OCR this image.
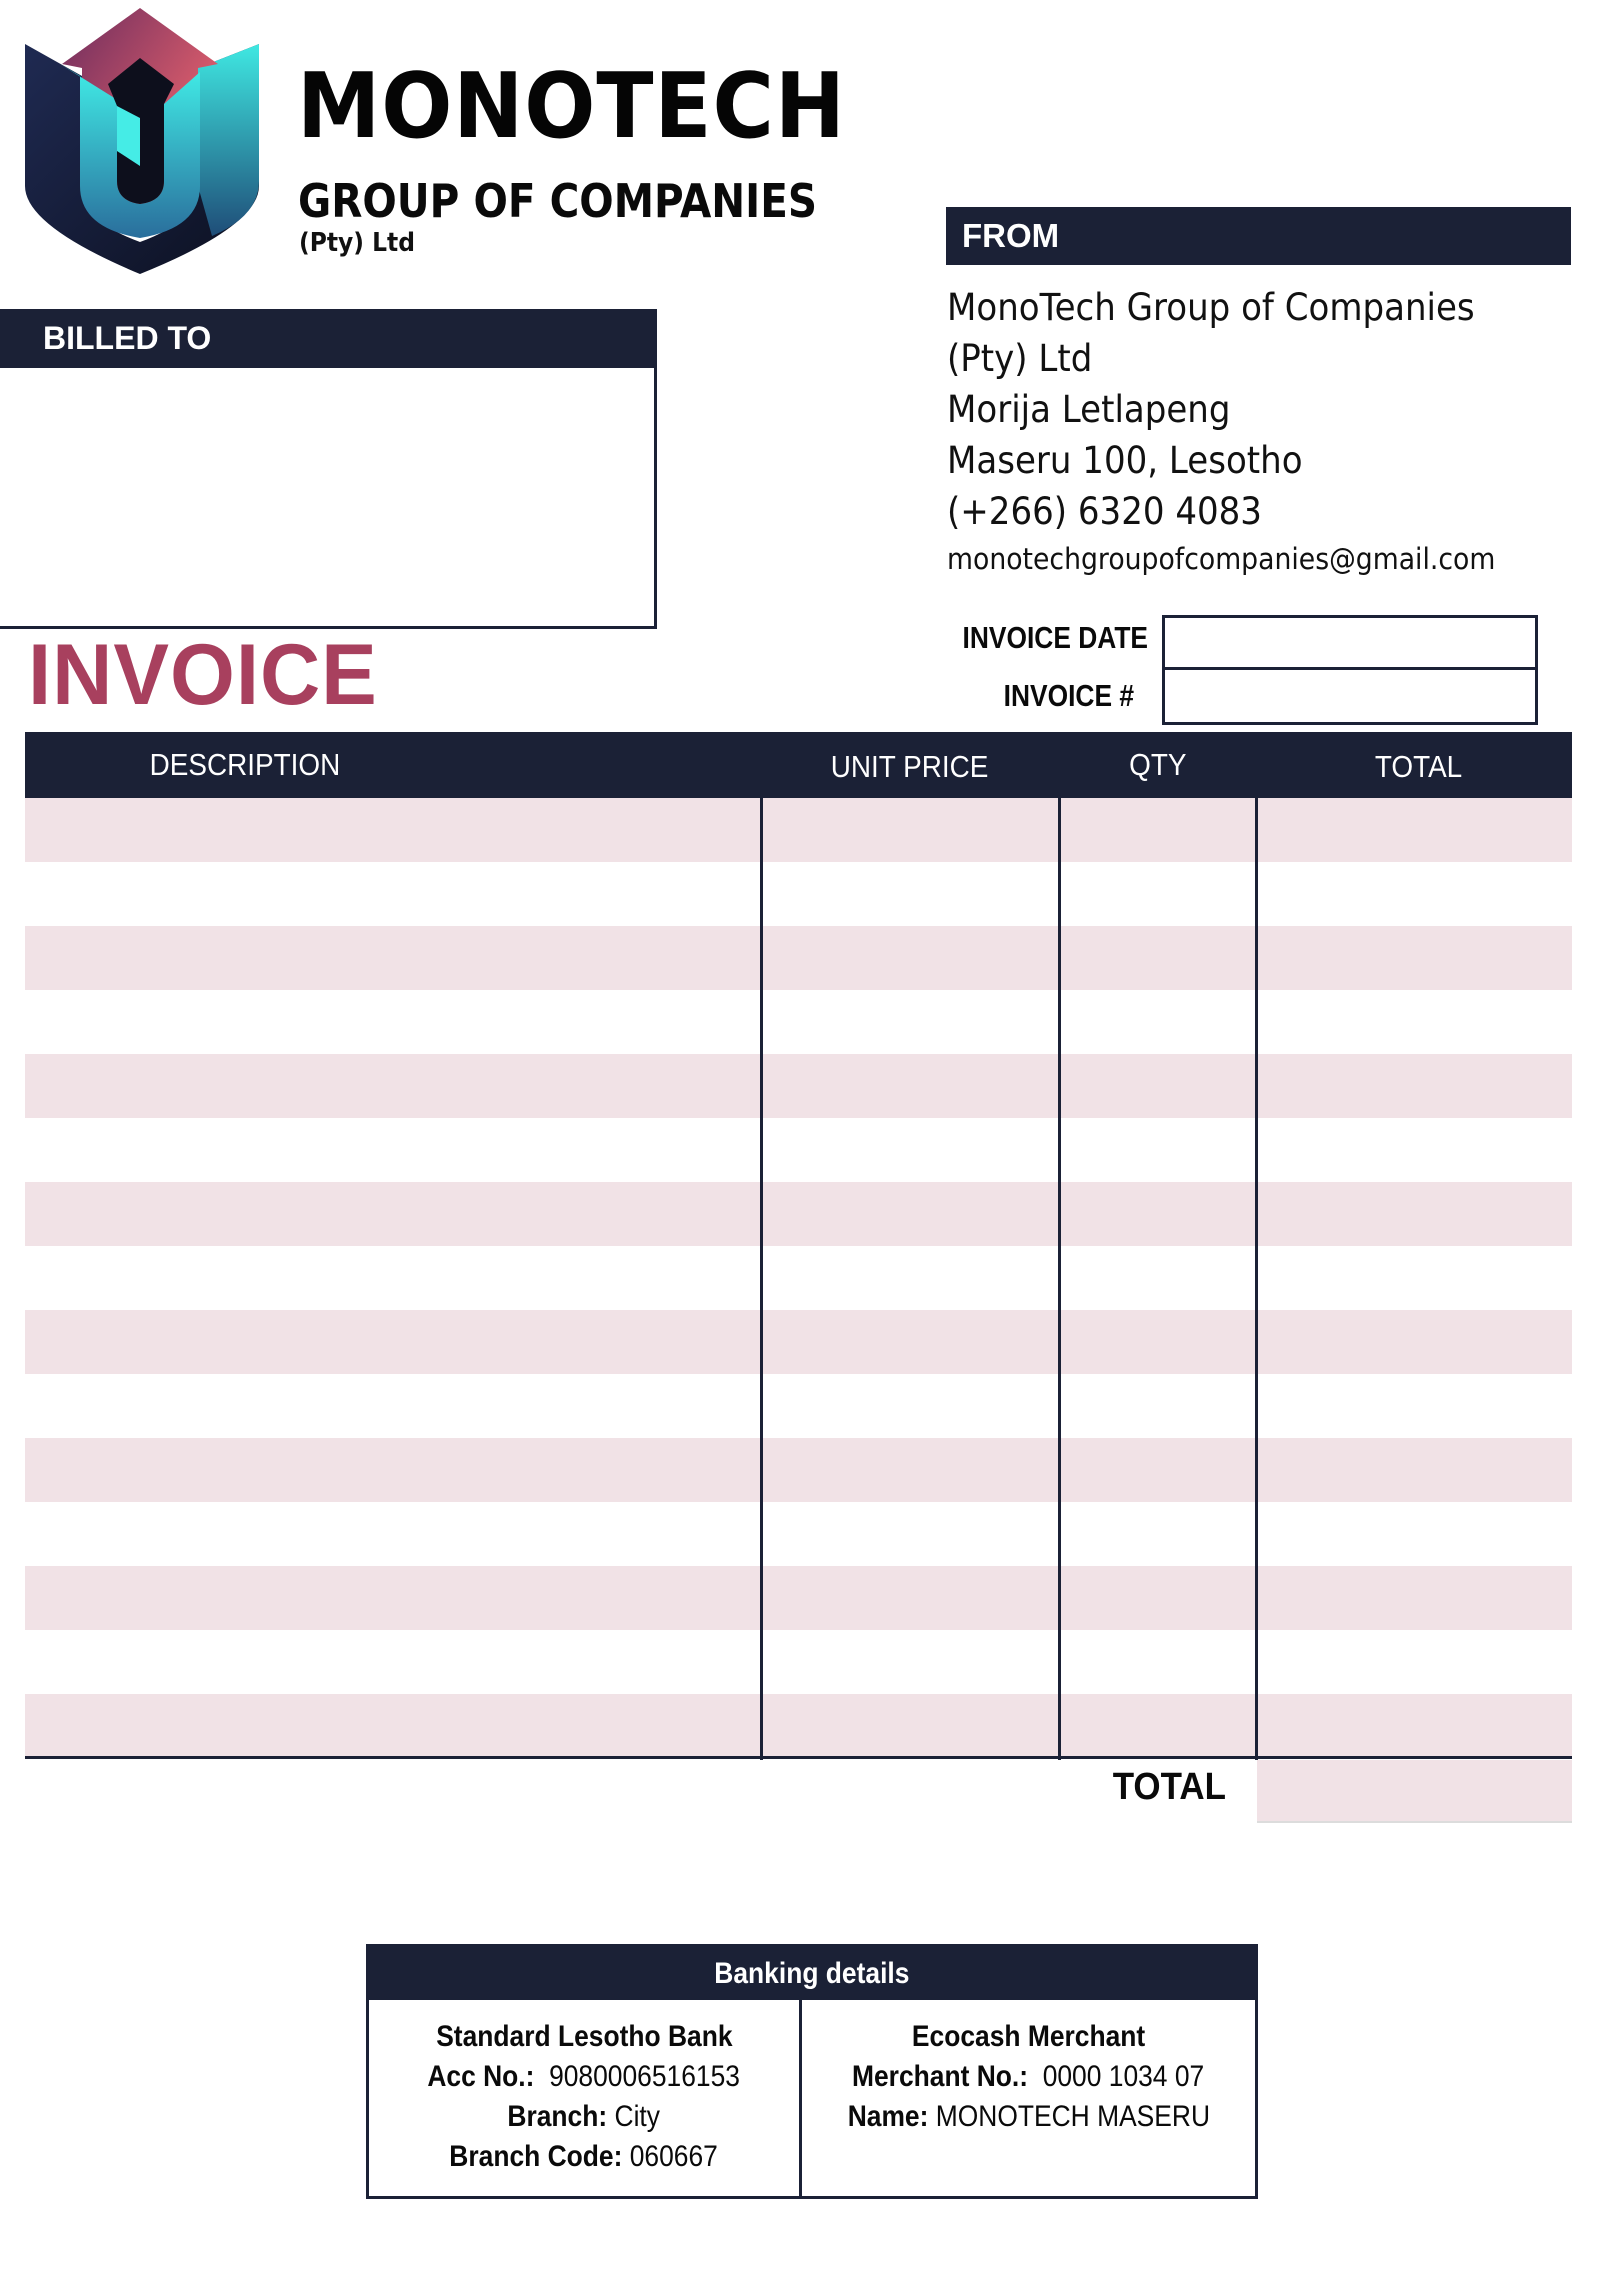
MONOTECH
GROUP OF COMPANIES
(Pty) Ltd	FROM
MonoTech Group of Companies
(Pty) Ltd
Morija Letlapeng
Maseru 100, Lesotho
(+266) 6320 4083
monotechgroupofcompanies@gmail.com
BILLED TO
INVOICE	INVOICE DATE
INVOICE #
DESCRIPTION	UNIT PRICE	QTY	TOTAL
TOTAL
Banking details
Standard Lesotho Bank
Acc No.: 9080006516153
Branch: City
Branch Code: 060667
Ecocash Merchant
Merchant No.: 0000 1034 07
Name: MONOTECH MASERU
